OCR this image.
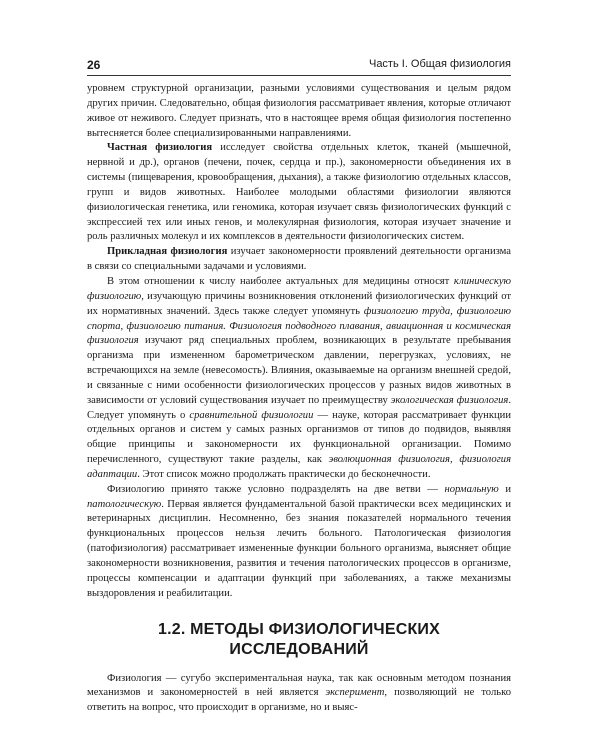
26	Часть I. Общая физиология

уровнем структурной организации, разными условиями существования и целым рядом других причин. Следовательно, общая физиология рассматривает явления, которые отличают живое от неживого. Следует признать, что в настоящее время общая физиология постепенно вытесняется более специализированными направлениями.

Частная физиология исследует свойства отдельных клеток, тканей (мышечной, нервной и др.), органов (печени, почек, сердца и пр.), закономерности объединения их в системы (пищеварения, кровообращения, дыхания), а также физиологию отдельных классов, групп и видов животных. Наиболее молодыми областями физиологии являются физиологическая генетика, или геномика, которая изучает связь физиологических функций с экспрессией тех или иных генов, и молекулярная физиология, которая изучает значение и роль различных молекул и их комплексов в деятельности физиологических систем.

Прикладная физиология изучает закономерности проявлений деятельности организма в связи со специальными задачами и условиями.

В этом отношении к числу наиболее актуальных для медицины относят клиническую физиологию, изучающую причины возникновения отклонений физиологических функций от их нормативных значений. Здесь также следует упомянуть физиологию труда, физиологию спорта, физиологию питания. Физиология подводного плавания, авиационная и космическая физиология изучают ряд специальных проблем, возникающих в результате пребывания организма при измененном барометрическом давлении, перегрузках, условиях, не встречающихся на земле (невесомость). Влияния, оказываемые на организм внешней средой, и связанные с ними особенности физиологических процессов у разных видов животных в зависимости от условий существования изучает по преимуществу экологическая физиология. Следует упомянуть о сравнительной физиологии — науке, которая рассматривает функции отдельных органов и систем у самых разных организмов от типов до подвидов, выявляя общие принципы и закономерности их функциональной организации. Помимо перечисленного, существуют такие разделы, как эволюционная физиология, физиология адаптации. Этот список можно продолжать практически до бесконечности.

Физиологию принято также условно подразделять на две ветви — нормальную и патологическую. Первая является фундаментальной базой практически всех медицинских и ветеринарных дисциплин. Несомненно, без знания показателей нормального течения функциональных процессов нельзя лечить больного. Патологическая физиология (патофизиология) рассматривает измененные функции больного организма, выясняет общие закономерности возникновения, развития и течения патологических процессов в организме, процессы компенсации и адаптации функций при заболеваниях, а также механизмы выздоровления и реабилитации.

1.2. МЕТОДЫ ФИЗИОЛОГИЧЕСКИХ ИССЛЕДОВАНИЙ

Физиология — сугубо экспериментальная наука, так как основным методом познания механизмов и закономерностей в ней является эксперимент, позволяющий не только ответить на вопрос, что происходит в организме, но и выяс-
